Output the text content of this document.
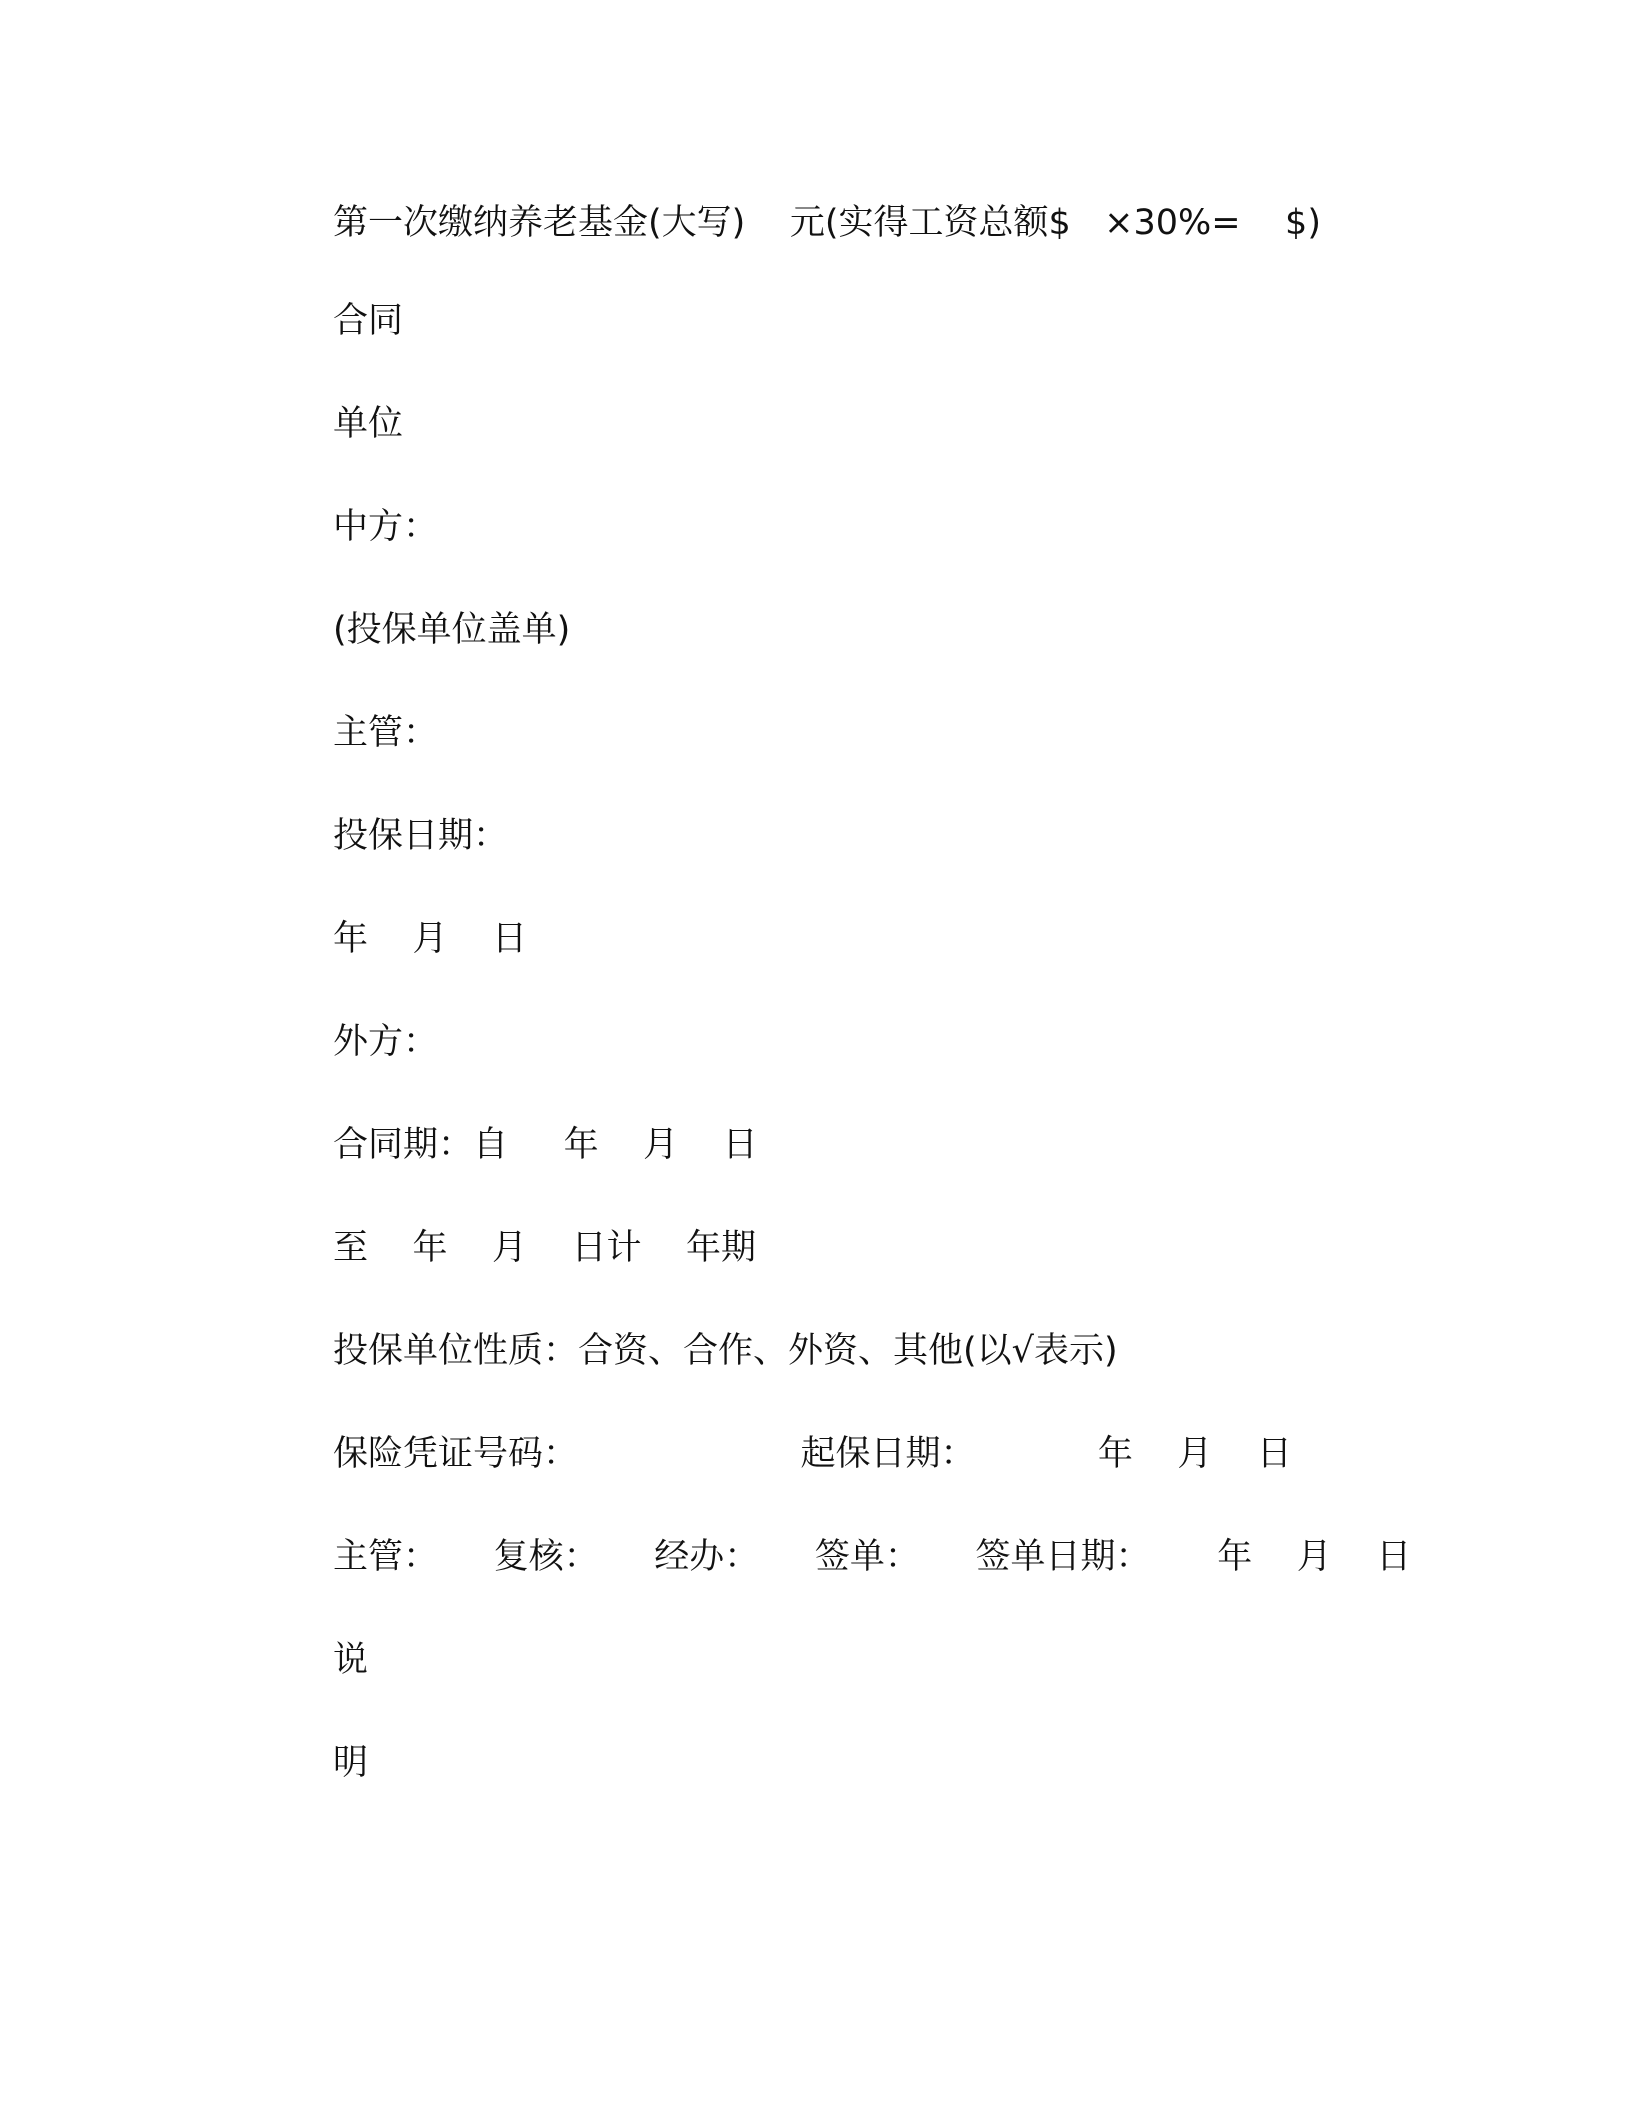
第一次缴纳养老基金(大写)    元(实得工资总额$   ×30%=    $)
合同
单位
中方：
(投保单位盖单)
主管：
投保日期：
年    月    日
外方：
合同期：自     年    月    日
至    年    月    日计    年期
投保单位性质：合资、合作、外资、其他(以√表示)
保险凭证号码：                    起保日期：           年    月    日
主管：     复核：     经办：     签单：     签单日期：      年    月    日
说
明
